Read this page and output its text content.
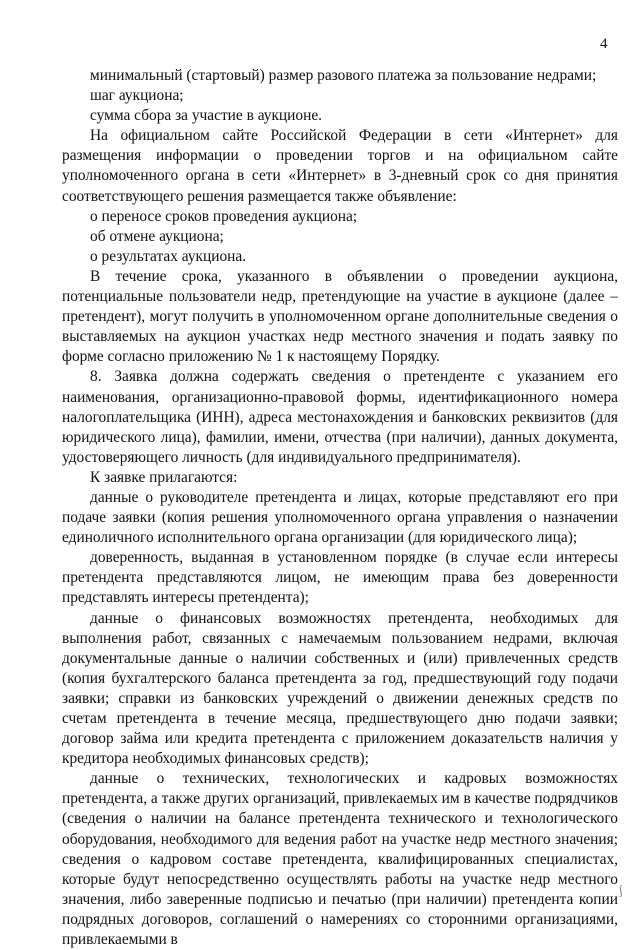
4

минимальный (стартовый) размер разового платежа за пользование недрами;

шаг аукциона;

сумма сбора за участие в аукционе.

На официальном сайте Российской Федерации в сети «Интернет» для размещения информации о проведении торгов и на официальном сайте уполномоченного органа в сети «Интернет» в 3-дневный срок со дня принятия соответствующего решения размещается также объявление:

о переносе сроков проведения аукциона;

об отмене аукциона;

о результатах аукциона.

В течение срока, указанного в объявлении о проведении аукциона, потенциальные пользователи недр, претендующие на участие в аукционе (далее – претендент), могут получить в уполномоченном органе дополнительные сведения о выставляемых на аукцион участках недр местного значения и подать заявку по форме согласно приложению № 1 к настоящему Порядку.

8. Заявка должна содержать сведения о претенденте с указанием его наименования, организационно-правовой формы, идентификационного номера налогоплательщика (ИНН), адреса местонахождения и банковских реквизитов (для юридического лица), фамилии, имени, отчества (при наличии), данных документа, удостоверяющего личность (для индивидуального предпринимателя).

К заявке прилагаются:

данные о руководителе претендента и лицах, которые представляют его при подаче заявки (копия решения уполномоченного органа управления о назначении единоличного исполнительного органа организации (для юридического лица);

доверенность, выданная в установленном порядке (в случае если интересы претендента представляются лицом, не имеющим права без доверенности представлять интересы претендента);

данные о финансовых возможностях претендента, необходимых для выполнения работ, связанных с намечаемым пользованием недрами, включая документальные данные о наличии собственных и (или) привлеченных средств (копия бухгалтерского баланса претендента за год, предшествующий году подачи заявки; справки из банковских учреждений о движении денежных средств по счетам претендента в течение месяца, предшествующего дню подачи заявки; договор займа или кредита претендента с приложением доказательств наличия у кредитора необходимых финансовых средств);

данные о технических, технологических и кадровых возможностях претендента, а также других организаций, привлекаемых им в качестве подрядчиков (сведения о наличии на балансе претендента технического и технологического оборудования, необходимого для ведения работ на участке недр местного значения; сведения о кадровом составе претендента, квалифицированных специалистах, которые будут непосредственно осуществлять работы на участке недр местного значения, либо заверенные подписью и печатью (при наличии) претендента копии подрядных договоров, соглашений о намерениях со сторонними организациями, привлекаемыми в

ʃ
